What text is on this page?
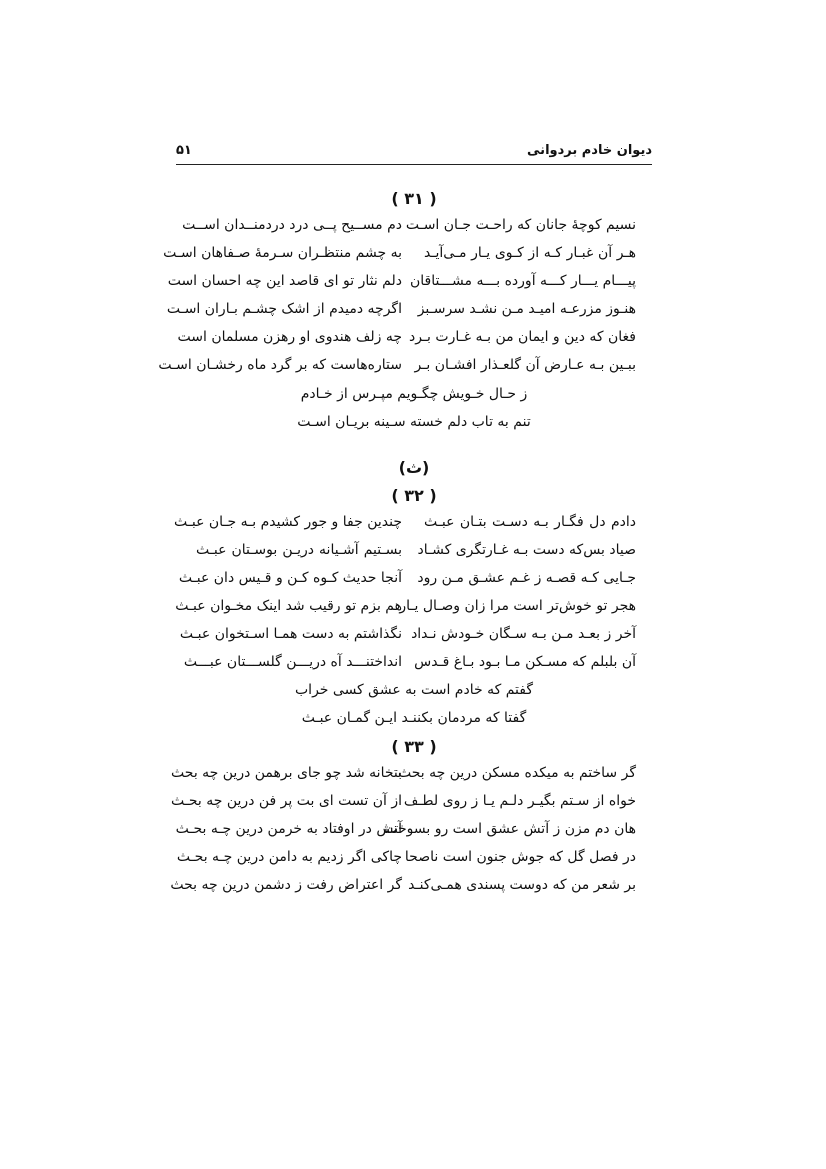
۵۱	دیوان خادم بردوانی
( ۳۱ )
نسیم کوچۀ جانان که راحـت جـان اسـت
دم مســیح پــی درد دردمنــدان اســت
هـر آن غبـار کـه از کـوی یـار مـی‌آیـد
به چشم منتظـران سـرمۀ صـفاهان اسـت
پیـــام یـــار کـــه آورده بـــه مشـــتاقان
دلم نثار تو ای قاصد این چه احسان است
هنـوز مزرعـه امیـد مـن نشـد سرسـبز
اگرچه دمیدم از اشک چشـم بـاران اسـت
فغان که دین و ایمان من بـه غـارت بـرد
چه زلف هندوی او رهزن مسلمان است
ببـین بـه عـارض آن گلعـذار افشـان بـر
ستاره‌هاست که بر گرد ماه رخشـان اسـت
ز حـال خـویش چگـویم مپـرس از خـادم
تنم به تاب دلم خسته سـینه بریـان اسـت
(ث)
( ۳۲ )
دادم دل فگـار بـه دسـت بتـان عبـث
چندین جفا و جور کشیدم بـه جـان عبـث
صیاد بس‌که دست بـه غـارتگری کشـاد
بسـتیم آشـیانه دریـن بوسـتان عبـث
جـایی کـه قصـه ز غـم عشـق مـن رود
آنجا حدیث کـوه کـن و قـیس دان عبـث
هجر تو خوش‌تر است مرا زان وصـال یـار
هم بزم تو رقیب شد اینک مخـوان عبـث
آخر ز بعـد مـن بـه سـگان خـودش نـداد
نگذاشتم به دست همـا اسـتخوان عبـث
آن بلبلم که مسـکن مـا بـود بـاغ قـدس
انداختنـــد آه دریـــن گلســـتان عبـــث
گفتم که خادم است به عشق کسی خراب
گفتا که مردمان بکننـد ایـن گمـان عبـث
( ۳۳ )
گر ساختم به میکده مسکن درین چه بحث
بتخانه شد چو جای برهمن درین چه بحث
خواه از سـتم بگیـر دلـم یـا ز روی لطـف
از آن تست ای بت پر فن درین چه بحـث
هان دم مزن ز آتش عشق است رو بسوخت
آتش در اوفتاد به خرمن درین چـه بحـث
در فصل گل که جوش جنون است ناصحا
چاکی اگر زدیم به دامن درین چـه بحـث
بر شعر من که دوست پسندی همـی‌کنـد
گر اعتراض رفت ز دشمن درین چه بحث
